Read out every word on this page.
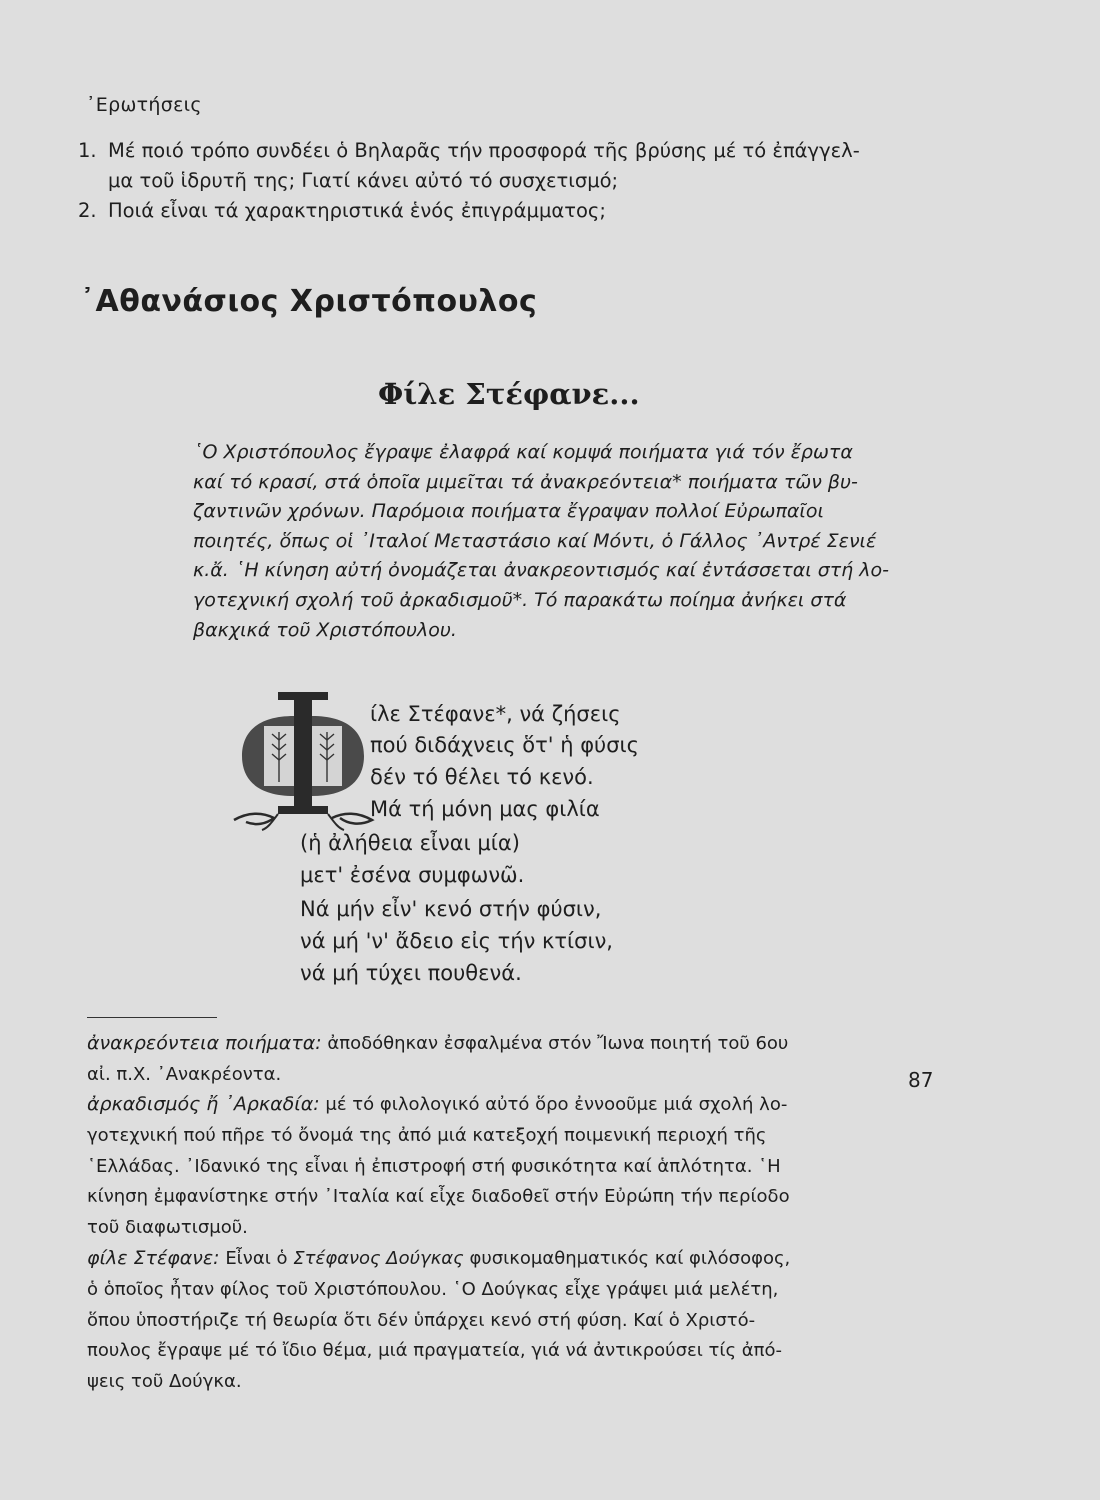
᾿Ερωτήσεις
1. Μέ ποιό τρόπο συνδέει ὁ Βηλαρᾶς τήν προσφορά τῆς βρύσης μέ τό ἐπάγγελ-
μα τοῦ ἱδρυτῆ της; Γιατί κάνει αὐτό τό συσχετισμό;
2. Ποιά εἶναι τά χαρακτηριστικά ἑνός ἐπιγράμματος;
᾿Αθανάσιος Χριστόπουλος
Φίλε Στέφανε...

῾Ο Χριστόπουλος ἔγραψε ἐλαφρά καί κομψά ποιήματα γιά τόν ἔρωτα

καί τό κρασί, στά ὁποῖα μιμεῖται τά ἀνακρεόντεια* ποιήματα τῶν βυ-

ζαντινῶν χρόνων. Παρόμοια ποιήματα ἔγραψαν πολλοί Εὐρωπαῖοι

ποιητές, ὅπως οἱ ᾿Ιταλοί Μεταστάσιο καί Μόντι, ὁ Γάλλος ᾿Αντρέ Σενιέ

κ.ἄ. ῾Η κίνηση αὐτή ὀνομάζεται ἀνακρεοντισμός καί ἐντάσσεται στή λο-

γοτεχνική σχολή τοῦ ἀρκαδισμοῦ*. Τό παρακάτω ποίημα ἀνήκει στά

βακχικά τοῦ Χριστόπουλου.

ίλε Στέφανε*, νά ζήσεις
πού διδάχνεις ὅτ' ἡ φύσις
δέν τό θέλει τό κενό.
Μά τή μόνη μας φιλία
(ἡ ἀλήθεια εἶναι μία)
μετ' ἐσένα συμφωνῶ.
Νά μήν εἶν' κενό στήν φύσιν,
νά μή 'ν' ἄδειο εἰς τήν κτίσιν,
νά μή τύχει πουθενά.
ἀνακρεόντεια ποιήματα: ἀποδόθηκαν ἐσφαλμένα στόν Ἴωνα ποιητή τοῦ 6ου
αἰ. π.Χ. ᾿Ανακρέοντα.
ἀρκαδισμός ἤ ᾿Αρκαδία: μέ τό φιλολογικό αὐτό ὅρο ἐννοοῦμε μιά σχολή λο-
γοτεχνική πού πῆρε τό ὄνομά της ἀπό μιά κατεξοχή ποιμενική περιοχή τῆς
῾Ελλάδας. ᾿Ιδανικό της εἶναι ἡ ἐπιστροφή στή φυσικότητα καί ἁπλότητα. ῾Η
κίνηση ἐμφανίστηκε στήν ᾿Ιταλία καί εἶχε διαδοθεῖ στήν Εὐρώπη τήν περίοδο
τοῦ διαφωτισμοῦ.
φίλε Στέφανε: Εἶναι ὁ Στέφανος Δούγκας φυσικομαθηματικός καί φιλόσοφος,
ὁ ὁποῖος ἦταν φίλος τοῦ Χριστόπουλου. ῾Ο Δούγκας εἶχε γράψει μιά μελέτη,
ὅπου ὑποστήριζε τή θεωρία ὅτι δέν ὑπάρχει κενό στή φύση. Καί ὁ Χριστό-
πουλος ἔγραψε μέ τό ἴδιο θέμα, μιά πραγματεία, γιά νά ἀντικρούσει τίς ἀπό-
ψεις τοῦ Δούγκα.
87
